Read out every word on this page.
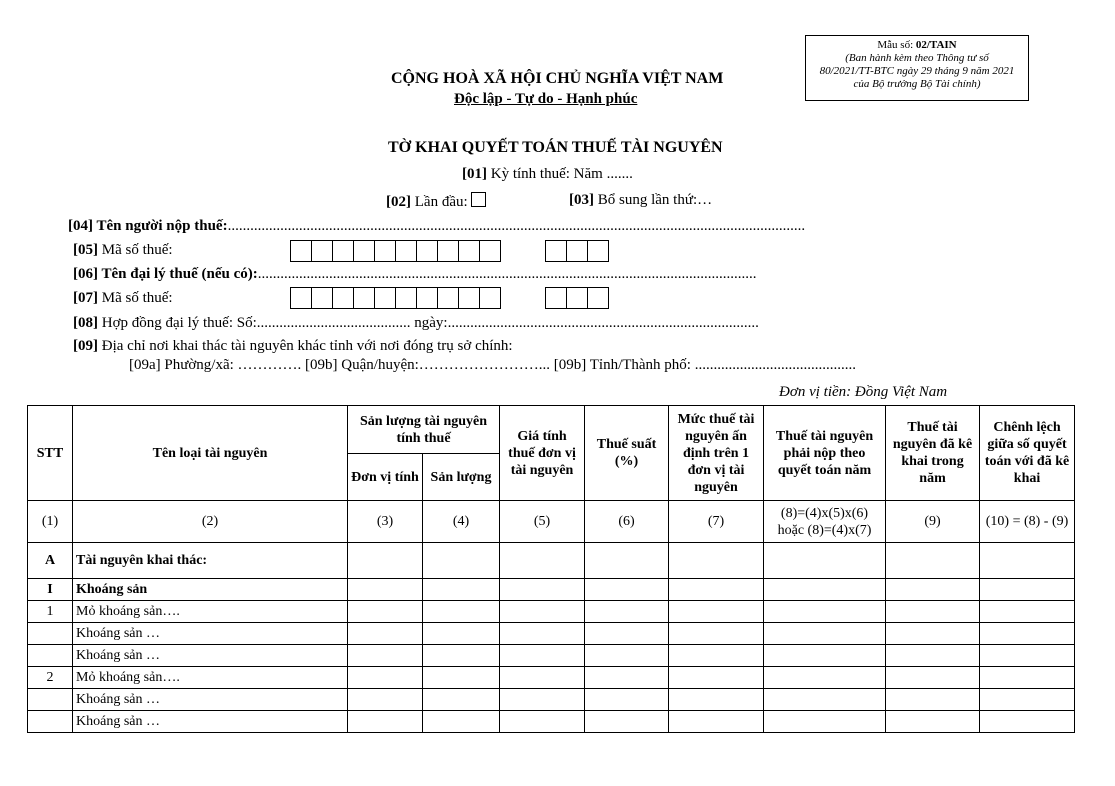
Mẫu số: 02/TAIN
(Ban hành kèm theo Thông tư số
80/2021/TT-BTC ngày 29 tháng 9 năm 2021
của Bộ trưởng Bộ Tài chính)
CỘNG HOÀ XÃ HỘI CHỦ NGHĨA VIỆT NAM
Độc lập - Tự do - Hạnh phúc
TỜ KHAI QUYẾT TOÁN THUẾ TÀI NGUYÊN
[01] Kỳ tính thuế: Năm .......
[02] Lần đầu:	[03] Bổ sung lần thứ:…
[04] Tên người nộp thuế:..........................................................................................................................................................
[05] Mã số thuế:
[06] Tên đại lý thuế (nếu có):.....................................................................................................................................
[07] Mã số thuế:
[08] Hợp đồng đại lý thuế: Số:......................................... ngày:...................................................................................
[09] Địa chỉ nơi khai thác tài nguyên khác tỉnh với nơi đóng trụ sở chính:
[09a] Phường/xã: …………. [09b] Quận/huyện:……………………... [09b] Tỉnh/Thành phố: ...........................................
Đơn vị tiền: Đồng Việt Nam
STT	Tên loại tài nguyên	Sản lượng tài nguyên tính thuế		Giá tính thuế đơn vị tài nguyên	Thuế suất (%)	Mức thuế tài nguyên ấn định trên 1 đơn vị tài nguyên	Thuế tài nguyên phải nộp theo quyết toán năm	Thuế tài nguyên đã kê khai trong năm	Chênh lệch giữa số quyết toán với đã kê khai
		Đơn vị tính	Sản lượng						
(1)	(2)	(3)	(4)	(5)	(6)	(7)	(8)=(4)x(5)x(6) hoặc (8)=(4)x(7)	(9)	(10) = (8) - (9)
A	Tài nguyên khai thác:								
I	Khoáng sản								
1	Mỏ khoáng sản….								
	Khoáng sản …								
	Khoáng sản …								
2	Mỏ khoáng sản….								
	Khoáng sản …								
	Khoáng sản …								
